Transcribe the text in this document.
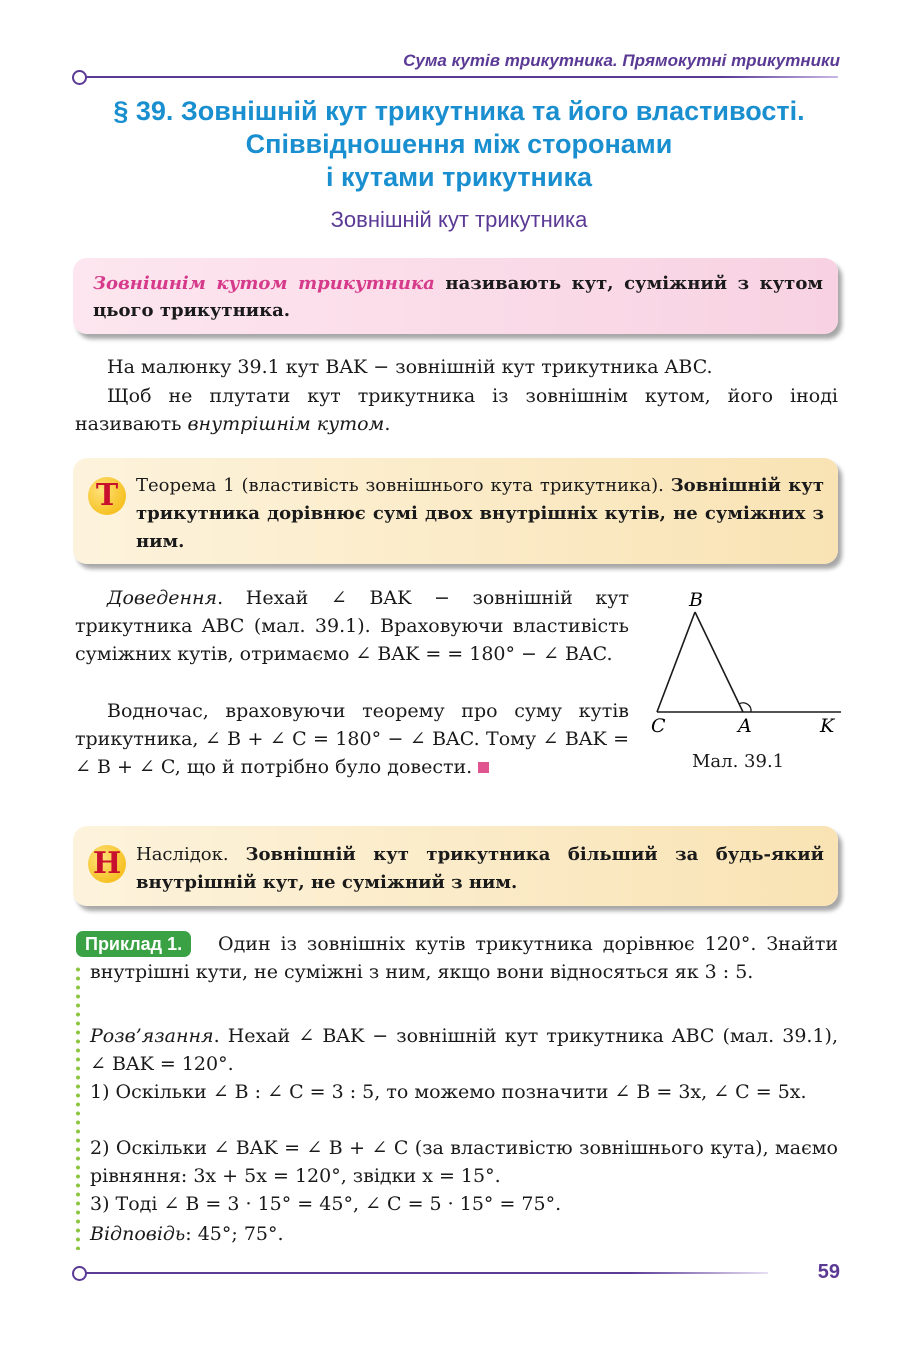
Сума кутів трикутника. Прямокутні трикутники
§ 39. Зовнішній кут трикутника та його властивості.
Співвідношення між сторонами
і кутами трикутника
Зовнішній кут трикутника
Зовнішнім кутом трикутника називають кут, суміжний з кутом цього трикутника.
На малюнку 39.1 кут BAK − зовнішній кут трикутника ABC.
Щоб не плутати кут трикутника із зовнішнім кутом, його іноді називають внутрішнім кутом.
Т Теорема 1 (властивість зовнішнього кута трикутника). Зовнішній кут трикутника дорівнює сумі двох внутрішніх кутів, не суміжних з ним.
Доведення. Нехай ∠ BAK − зовнішній кут трикутника ABC (мал. 39.1). Враховуючи властивість суміжних кутів, отримаємо ∠ BAK = = 180° − ∠ BAC.
Водночас, враховуючи теорему про суму кутів трикутника, ∠ B + ∠ C = 180° − ∠ BAC. Тому ∠ BAK = ∠ B + ∠ C, що й потрібно було довести.
B
C	A	K
Мал. 39.1
Н Наслідок. Зовнішній кут трикутника більший за будь-який внутрішній кут, не суміжний з ним.
Приклад 1.	Один із зовнішніх кутів трикутника дорівнює 120°. Знайти внутрішні кути, не суміжні з ним, якщо вони відносяться як 3 : 5.
Розв’язання. Нехай ∠ BAK − зовнішній кут трикутника ABC (мал. 39.1), ∠ BAK = 120°.
1) Оскільки ∠ B : ∠ C = 3 : 5, то можемо позначити ∠ B = 3x, ∠ C = 5x.
2) Оскільки ∠ BAK = ∠ B + ∠ C (за властивістю зовнішнього кута), маємо рівняння: 3x + 5x = 120°, звідки x = 15°.
3) Тоді ∠ B = 3 · 15° = 45°, ∠ C = 5 · 15° = 75°.
Відповідь: 45°; 75°.
59
